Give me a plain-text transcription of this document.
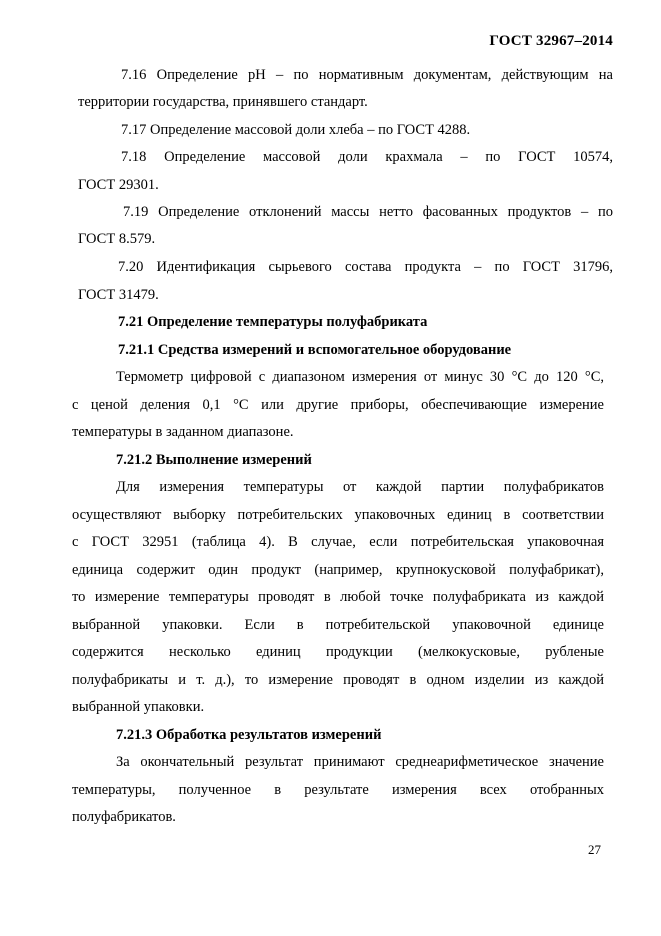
ГОСТ 32967–2014
7.16 Определение рН – по нормативным документам, действующим на
территории государства, принявшего стандарт.
7.17 Определение массовой доли хлеба – по ГОСТ 4288.
7.18 Определение массовой доли крахмала – по ГОСТ 10574,
ГОСТ 29301.
7.19 Определение отклонений массы нетто фасованных продуктов – по
ГОСТ 8.579.
7.20 Идентификация сырьевого состава продукта – по ГОСТ 31796,
ГОСТ 31479.
7.21 Определение температуры полуфабриката
7.21.1 Средства измерений и вспомогательное оборудование
Термометр цифровой с диапазоном измерения от минус 30 °С до 120 °С,
с ценой деления 0,1 °С или другие приборы, обеспечивающие измерение
температуры в заданном диапазоне.
7.21.2 Выполнение измерений
Для измерения температуры от каждой партии полуфабрикатов
осуществляют выборку потребительских упаковочных единиц в соответствии
с ГОСТ 32951 (таблица 4). В случае, если потребительская упаковочная
единица содержит один продукт (например, крупнокусковой полуфабрикат),
то измерение температуры проводят в любой точке полуфабриката из каждой
выбранной упаковки. Если в потребительской упаковочной единице
содержится несколько единиц продукции (мелкокусковые, рубленые
полуфабрикаты и т. д.), то измерение проводят в одном изделии из каждой
выбранной упаковки.
7.21.3 Обработка результатов измерений
За окончательный результат принимают среднеарифметическое значение
температуры, полученное в результате измерения всех отобранных
полуфабрикатов.
27
